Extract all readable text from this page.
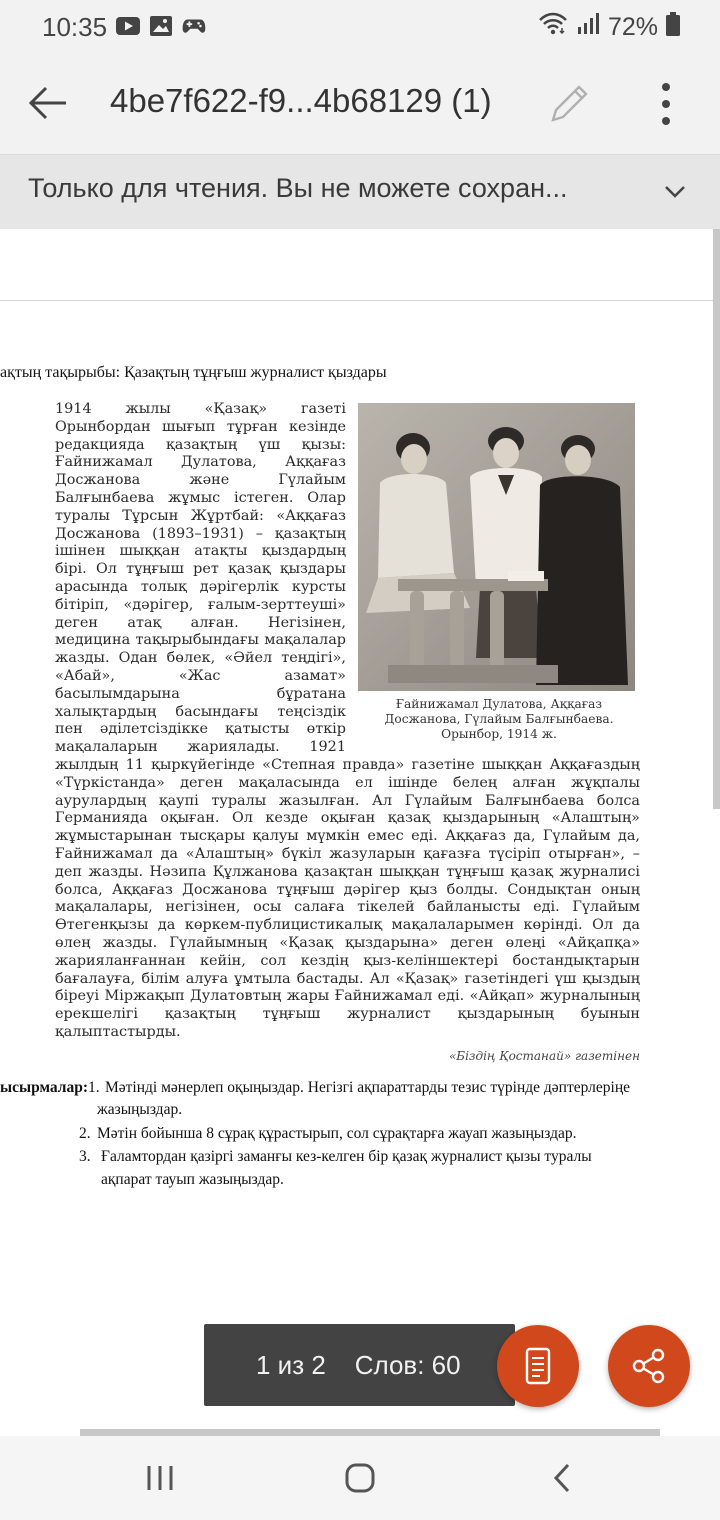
10:35	72%
4be7f622-f9...4b68129 (1)
Только для чтения. Вы не можете сохран...
ақтың тақырыбы: Қазақтың тұңғыш журналист қыздары
Ғайнижамал Дулатова, Аққағаз Досжанова, Гүлайым Балғынбаева. Орынбор, 1914 ж.

1914 жылы «Қазақ» газеті Орынбордан шығып тұрған кезінде редакцияда қазақтың үш қызы: Ғайнижамал Дулатова, Аққағаз Досжанова және Гүлайым Балғынбаева жұмыс істеген. Олар туралы Тұрсын Жұртбай: «Аққағаз Досжанова (1893–1931) – қазақтың ішінен шыққан атақты қыздардың бірі. Ол тұңғыш рет қазақ қыздары арасында толық дәрігерлік курсты бітіріп, «дәрігер, ғалым-зерттеуші» деген атақ алған. Негізінен, медицина тақырыбындағы мақалалар жазды. Одан бөлек, «Әйел теңдігі», «Абай», «Жас азамат» басылымдарына бұратана халықтардың басындағы теңсіздік пен әділетсіздікке қатысты өткір мақалаларын жариялады. 1921 жылдың 11 қыркүйегінде «Степная правда» газетіне шыққан Аққағаздың «Түркістанда» деген мақаласында ел ішінде белең алған жұқпалы аурулардың қаупі туралы жазылған. Ал Гүлайым Балғынбаева болса Германияда оқыған. Ол кезде оқыған қазақ қыздарының «Алаштың» жұмыстарынан тысқары қалуы мүмкін емес еді. Аққағаз да, Гүлайым да, Ғайнижамал да «Алаштың» бүкіл жазуларын қағазға түсіріп отырған», – деп жазды. Нәзипа Құлжанова қазақтан шыққан тұңғыш қазақ журналисі болса, Аққағаз Досжанова тұңғыш дәрігер қыз болды. Сондықтан оның мақалалары, негізінен, осы салаға тікелей байланысты еді. Гүлайым Өтегенқызы да көркем-публицистикалық мақалаларымен көрінді. Ол да өлең жазды. Гүлайымның «Қазақ қыздарына» деген өлеңі «Айқапқа» жарияланғаннан кейін, сол кездің қыз-келіншектері бостандықтарын бағалауға, білім алуға ұмтыла бастады. Ал «Қазақ» газетіндегі үш қыздың біреуі Міржақып Дулатовтың жары Ғайнижамал еді. «Айқап» журналының ерекшелігі қазақтың тұңғыш журналист қыздарының буынын қалыптастырды.

«Біздің Қостанай» газетінен
ысырмалар: 1. Мәтінді мәнерлеп оқыңыздар. Негізгі ақпараттарды тезис түрінде дәптерлеріңе
жазыңыздар.
2. Мәтін бойынша 8 сұрақ құрастырып, сол сұрақтарға жауап жазыңыздар.
3. Ғаламтордан қазіргі заманғы кез-келген бір қазақ журналист қызы туралы
ақпарат тауып жазыңыздар.
1 из 2 Слов: 60
